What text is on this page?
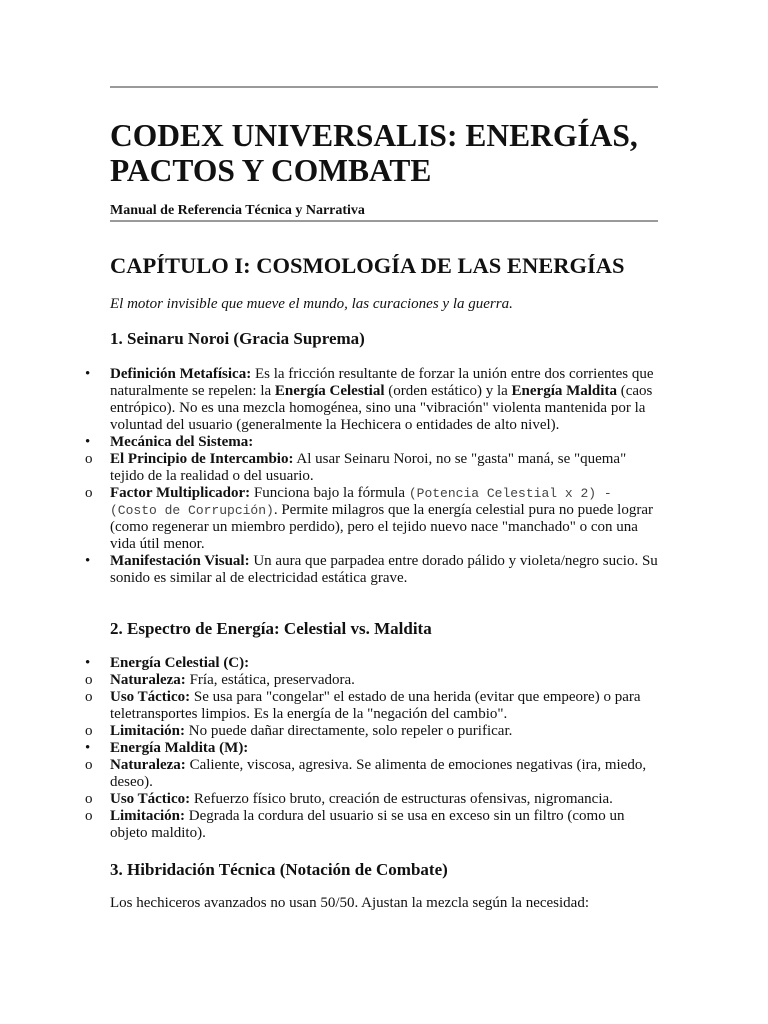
CODEX UNIVERSALIS: ENERGÍAS, PACTOS Y COMBATE

Manual de Referencia Técnica y Narrativa

CAPÍTULO I: COSMOLOGÍA DE LAS ENERGÍAS

El motor invisible que mueve el mundo, las curaciones y la guerra.

1. Seinaru Noroi (Gracia Suprema)
•	Definición Metafísica: Es la fricción resultante de forzar la unión entre dos corrientes que naturalmente se repelen: la Energía Celestial (orden estático) y la Energía Maldita (caos entrópico). No es una mezcla homogénea, sino una "vibración" violenta mantenida por la voluntad del usuario (generalmente la Hechicera o entidades de alto nivel).
•	Mecánica del Sistema:
o	El Principio de Intercambio: Al usar Seinaru Noroi, no se "gasta" maná, se "quema" tejido de la realidad o del usuario.
o	Factor Multiplicador: Funciona bajo la fórmula (Potencia Celestial x 2) -
(Costo de Corrupción). Permite milagros que la energía celestial pura no puede lograr (como regenerar un miembro perdido), pero el tejido nuevo nace "manchado" o con una vida útil menor.
•	Manifestación Visual: Un aura que parpadea entre dorado pálido y violeta/negro sucio. Su sonido es similar al de electricidad estática grave.
2. Espectro de Energía: Celestial vs. Maldita
•	Energía Celestial (C):
o	Naturaleza: Fría, estática, preservadora.
o	Uso Táctico: Se usa para "congelar" el estado de una herida (evitar que empeore) o para teletransportes limpios. Es la energía de la "negación del cambio".
o	Limitación: No puede dañar directamente, solo repeler o purificar.
•	Energía Maldita (M):
o	Naturaleza: Caliente, viscosa, agresiva. Se alimenta de emociones negativas (ira, miedo, deseo).
o	Uso Táctico: Refuerzo físico bruto, creación de estructuras ofensivas, nigromancia.
o	Limitación: Degrada la cordura del usuario si se usa en exceso sin un filtro (como un objeto maldito).
3. Hibridación Técnica (Notación de Combate)

Los hechiceros avanzados no usan 50/50. Ajustan la mezcla según la necesidad:
